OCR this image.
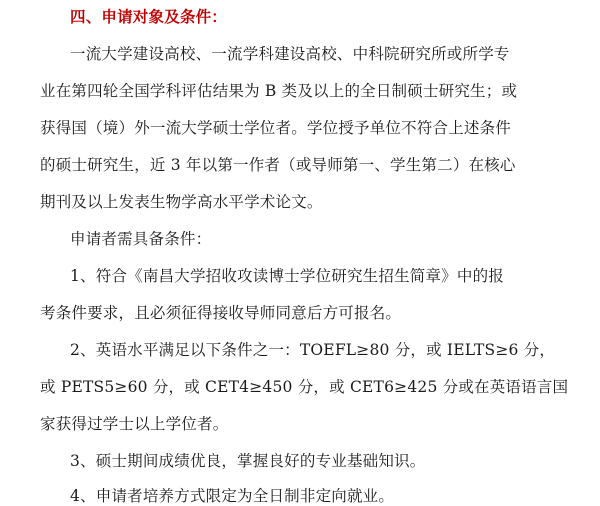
四、申请对象及条件：
一流大学建设高校、一流学科建设高校、中科院研究所或所学专
业在第四轮全国学科评估结果为 B 类及以上的全日制硕士研究生；或
获得国（境）外一流大学硕士学位者。学位授予单位不符合上述条件
的硕士研究生，近 3 年以第一作者（或导师第一、学生第二）在核心
期刊及以上发表生物学高水平学术论文。
申请者需具备条件：
1、符合《南昌大学招收攻读博士学位研究生招生简章》中的报
考条件要求，且必须征得接收导师同意后方可报名。
2、英语水平满足以下条件之一：TOEFL≥80 分，或 IELTS≥6 分，
或 PETS5≥60 分，或 CET4≥450 分，或 CET6≥425 分或在英语语言国
家获得过学士以上学位者。
3、硕士期间成绩优良，掌握良好的专业基础知识。
4、申请者培养方式限定为全日制非定向就业。
